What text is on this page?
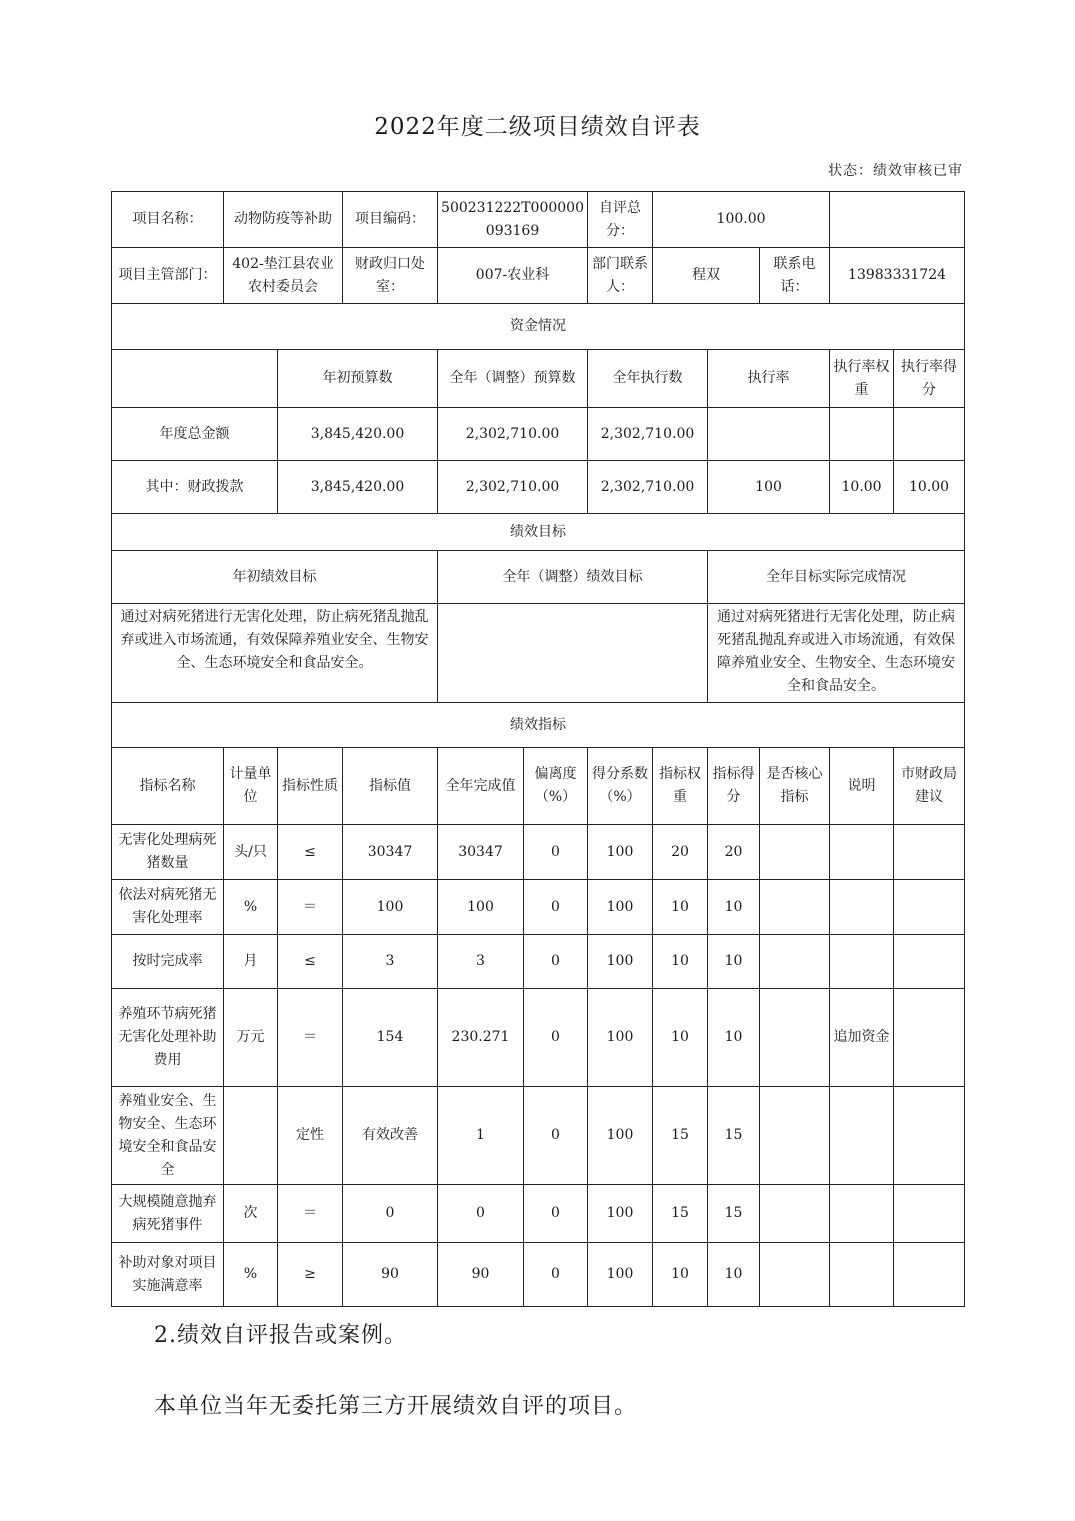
2022年度二级项目绩效自评表
状态：绩效审核已审
项目名称：	动物防疫等补助		项目编码：	500231222T000000093169		自评总分：	100.00				
项目主管部门：	402-垫江县农业农村委员会		财政归口处室：	007-农业科		部门联系人：	程双		联系电话：	13983331724	
资金情况											
		年初预算数		全年（调整）预算数		全年执行数		执行率		执行率权重	执行率得分
年度总金额		3,845,420.00		2,302,710.00		2,302,710.00					
其中：财政拨款		3,845,420.00		2,302,710.00		2,302,710.00		100		10.00	10.00
绩效目标											
年初绩效目标				全年（调整）绩效目标				全年目标实际完成情况			
通过对病死猪进行无害化处理，防止病死猪乱抛乱弃或进入市场流通，有效保障养殖业安全、生物安全、生态环境安全和食品安全。								通过对病死猪进行无害化处理，防止病死猪乱抛乱弃或进入市场流通，有效保障养殖业安全、生物安全、生态环境安全和食品安全。			
绩效指标											
指标名称	计量单位	指标性质	指标值	全年完成值	偏离度（%）	得分系数（%）	指标权重	指标得分	是否核心指标	说明	市财政局建议
无害化处理病死猪数量	头/只	≤	30347	30347	0	100	20	20			
依法对病死猪无害化处理率	%	＝	100	100	0	100	10	10			
按时完成率	月	≤	3	3	0	100	10	10			
养殖环节病死猪无害化处理补助费用	万元	＝	154	230.271	0	100	10	10		追加资金	
养殖业安全、生物安全、生态环境安全和食品安全		定性	有效改善	1	0	100	15	15			
大规模随意抛弃病死猪事件	次	＝	0	0	0	100	15	15			
补助对象对项目实施满意率	%	≥	90	90	0	100	10	10			
2.绩效自评报告或案例。
本单位当年无委托第三方开展绩效自评的项目。
